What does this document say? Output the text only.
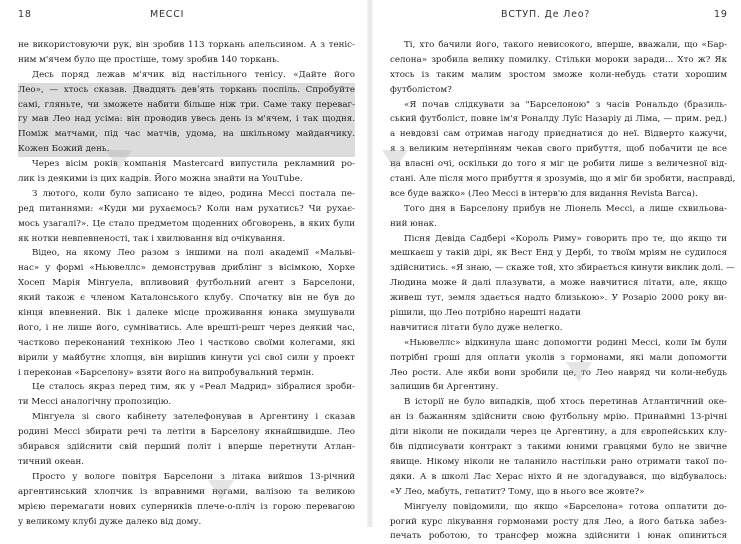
18	МЕССІ
не використовуючи рук, він зробив 113 торкань апельсином. А з теніс-
ним м'ячем було ще простіше, тому зробив 140 торкань.
Десь поряд лежав м'ячик від настільного тенісу. «Дайте його
Лео», — хтось сказав. Двадцять девʼять торкань поспіль. Спробуйте
самі, гляньте, чи зможете набити більше ніж три. Саме таку переваг-
гу мав Лео над усіма: він проводив увесь день із м'ячем, і так щодня.
Поміж матчами, під час матчів, удома, на шкільному майданчику.
Кожен Божий день.
Через вісім років компанія Mastercard випустила рекламний ро-
лик із деякими із цих кадрів. Його можна знайти на YouTube.
З лютого, коли було записано те відео, родина Мессі постала пе-
ред питаннями: «Куди ми рухаємось? Коли нам рухатись? Чи рухає-
мось узагалі?». Це стало предметом щоденних обговорень, в яких були
як нотки невпевненості, так і хвилювання від очікування.
Відео, на якому Лео разом з іншими на полі академії «Мальві-
нас» у формі «Ньювеллс» демонстрував дриблінг з вісімкою, Хорхе
Хосеп Марія Мінгуела, впливовий футбольний агент з Барселони,
який також є членом Каталонського клубу. Спочатку він не був до
кінця впевнений. Вік і далеке місце проживання юнака змушували
його, і не лише його, сумніватись. Але врешті-решт через деякий час,
частково переконаний технікою Лео і частково своїми колегами, які
вірили у майбутнє хлопця, він вирішив кинути усі свої сили у проект
і переконав «Барселону» взяти його на випробувальний термін.
Це сталось якраз перед тим, як у «Реал Мадрид» зібралися зроби-
ти Мессі аналогічну пропозицію.
Мінгуела зі свого кабінету зателефонував в Аргентину і сказав
родині Мессі збирати речі та летіти в Барселону якнайшвидше. Лео
збирався здійснити свій перший політ і вперше перетнути Атлан-
тичний океан.
Просто у вологе повітря Барселони з літака вийшов 13-річний
аргентинський хлопчик із вправними ногами, валізою та великою
мрією перемагати нових суперників плече-о-пліч із горою перевагою
у великому клубі дуже далеко від дому.
ВСТУП. Де Лео?	19
Ті, хто бачили його, такого невисокого, вперше, вважали, що «Бар-
селона» зробила велику помилку. Стільки мороки заради... Хто ж? Як
хтось із таким малим зростом зможе коли-небудь стати хорошим
футболістом?
«Я почав слідкувати за "Барселоною" з часів Рональдо (бразиль-
ський футболіст, повне ім'я Роналду Луїс Назаріу ді Ліма, — прим. ред.)
а невдовзі сам отримав нагоду приєднатися до неї. Відверто кажучи,
я з великим нетерпінням чекав свого прибуття, щоб побачити це все
на власні очі, оскільки до того я міг це робити лише з величезної від-
стані. Але після мого прибуття я зрозумів, що я міг би зробити, насправді,
все буде важко» (Лео Мессі в інтерв'ю для видання Revista Barca).
Того дня в Барселону прибув не Ліонель Мессі, а лише схвильова-
ний юнак.
Пісня Девіда Садбері «Король Риму» говорить про те, що якщо ти
мешкаєш у такій дірі, як Вест Енд у Дербі, то твоїм мріям не судилося
здійснитись. «Я знаю, — скаже той, хто збирається кинути виклик долі. —
Людина може й далі плазувати, а може навчитися літати, але, якщо
живеш тут, земля здається надто близькою». У Розаріо 2000 року ви-
рішили, що Лео потрібно нарешті надати
навчитися літати було дуже нелегко.
«Ньювеллс» відкинула шанс допомогти родині Мессі, коли їм були
потрібні гроші для оплати уколів з гормонами, які мали допомогти
Лео рости. Але якби вони зробили це, то Лео навряд чи коли-небудь
залишив би Аргентину.
В історії не було випадків, щоб хтось перетинав Атлантичний оке-
ан із бажанням здійснити свою футбольну мрію. Принаймні 13-річні
діти ніколи не покидали через це Аргентину, а для європейських клу-
бів підписувати контракт з такими юними гравцями було не звичне
явище. Нікому ніколи не таланило настільки рано отримати такої по-
дяки. А в школі Лас Херас ніхто й не здогадувався, що відбувалось:
«У Лео, мабуть, гепатит? Тому, що в нього все жовте?»
Мінгуелу повідомили, що якщо «Барселона» готова оплатити до-
рогий курс лікування гормонами росту для Лео, а його батька забез-
печать роботою, то трансфер можна здійснити і юнак опиниться
